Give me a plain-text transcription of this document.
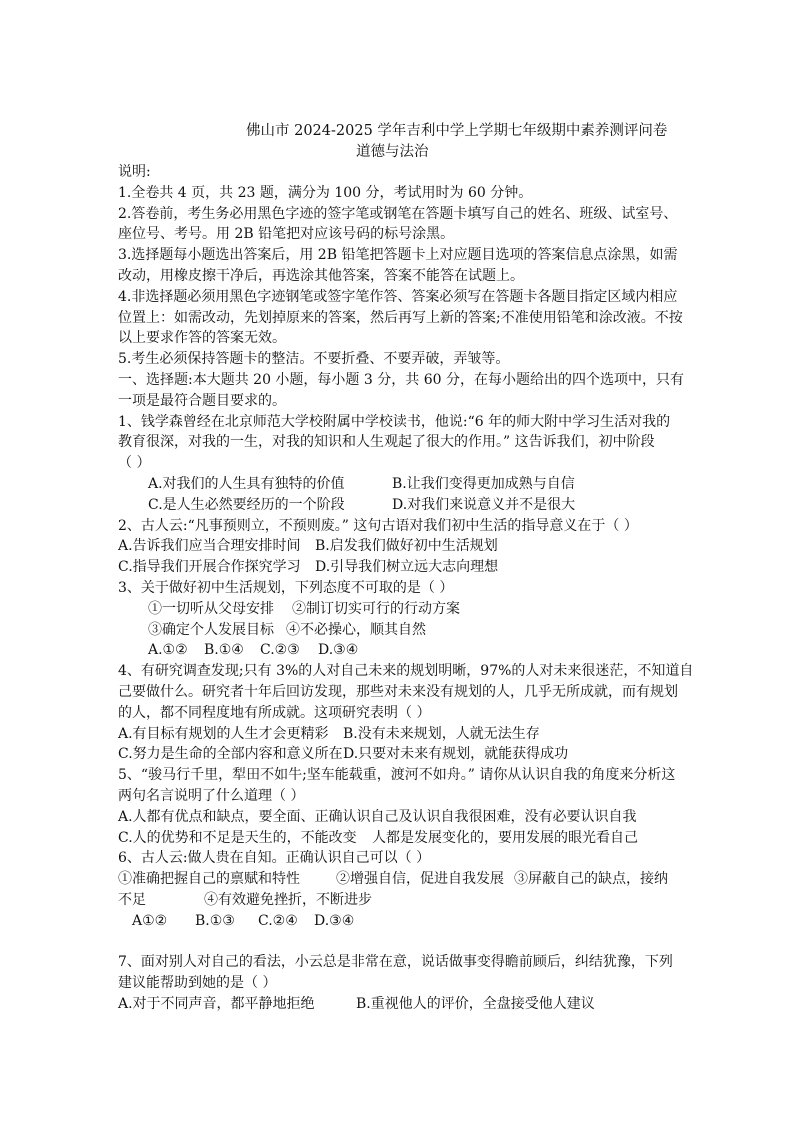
佛山市 2024-2025 学年吉利中学上学期七年级期中素养测评问卷
道德与法治
说明:
1.全卷共 4 页，共 23 题，满分为 100 分，考试用时为 60 分钟。
2.答卷前，考生务必用黑色字迹的签字笔或钢笔在答题卡填写自己的姓名、班级、试室号、
座位号、考号。用 2B 铅笔把对应该号码的标号涂黑。
3.选择题每小题选出答案后，用 2B 铅笔把答题卡上对应题目选项的答案信息点涂黑，如需
改动，用橡皮擦干净后，再选涂其他答案，答案不能答在试题上。
4.非选择题必须用黑色字迹钢笔或签字笔作答、答案必须写在答题卡各题目指定区域内相应
位置上：如需改动，先划掉原来的答案，然后再写上新的答案;不准使用铅笔和涂改液。不按
以上要求作答的答案无效。
5.考生必须保持答题卡的整洁。不要折叠、不要弄破，弄皱等。
一、选择题:本大题共 20 小题，每小题 3 分，共 60 分，在每小题给出的四个选项中，只有
一项是最符合题目要求的。
1、钱学森曾经在北京师范大学校附属中学校读书，他说:“6 年的师大附中学习生活对我的
教育很深，对我的一生，对我的知识和人生观起了很大的作用。” 这告诉我们，初中阶段
（ ）
A.对我们的人生具有独特的价值	B.让我们变得更加成熟与自信
C.是人生必然要经历的一个阶段	D.对我们来说意义并不是很大
2、古人云:“凡事预则立，不预则废。” 这句古语对我们初中生活的指导意义在于（ ）
A.告诉我们应当合理安排时间	B.启发我们做好初中生活规划
C.指导我们开展合作探究学习	D.引导我们树立远大志向理想
3、关于做好初中生活规划，下列态度不可取的是（ ）
①一切听从父母安排	②制订切实可行的行动方案
③确定个人发展目标 ④不必操心，顺其自然
A.①②	B.①④	C.②③	D.③④
4、有研究调查发现;只有 3%的人对自己未来的规划明晰，97%的人对未来很迷茫，不知道自
己要做什么。研究者十年后回访发现，那些对未来没有规划的人，几乎无所成就，而有规划
的人，都不同程度地有所成就。这项研究表明（ ）
A.有目标有规划的人生才会更精彩	B.没有未来规划，人就无法生存
C.努力是生命的全部内容和意义所在 D.只要对未来有规划，就能获得成功
5、“骏马行千里，犁田不如牛;坚车能载重，渡河不如舟。” 请你从认识自我的角度来分析这
两句名言说明了什么道理（ ）
A.人都有优点和缺点，要全面、正确认识自己及认识自我很困难，没有必要认识自我
C.人的优势和不足是天生的，不能改变	人都是发展变化的，要用发展的眼光看自己
6、古人云:做人贵在自知。正确认识自己可以（ ）
①准确把握自己的禀赋和特性	②增强自信，促进自我发展 ③屏蔽自己的缺点，接纳
不足	④有效避免挫折，不断进步
A①②	B.①③	C.②④	D.③④
7、面对别人对自己的看法，小云总是非常在意，说话做事变得瞻前顾后，纠结犹豫，下列
建议能帮助到她的是（ ）
A.对于不同声音，都平静地拒绝	B.重视他人的评价，全盘接受他人建议
